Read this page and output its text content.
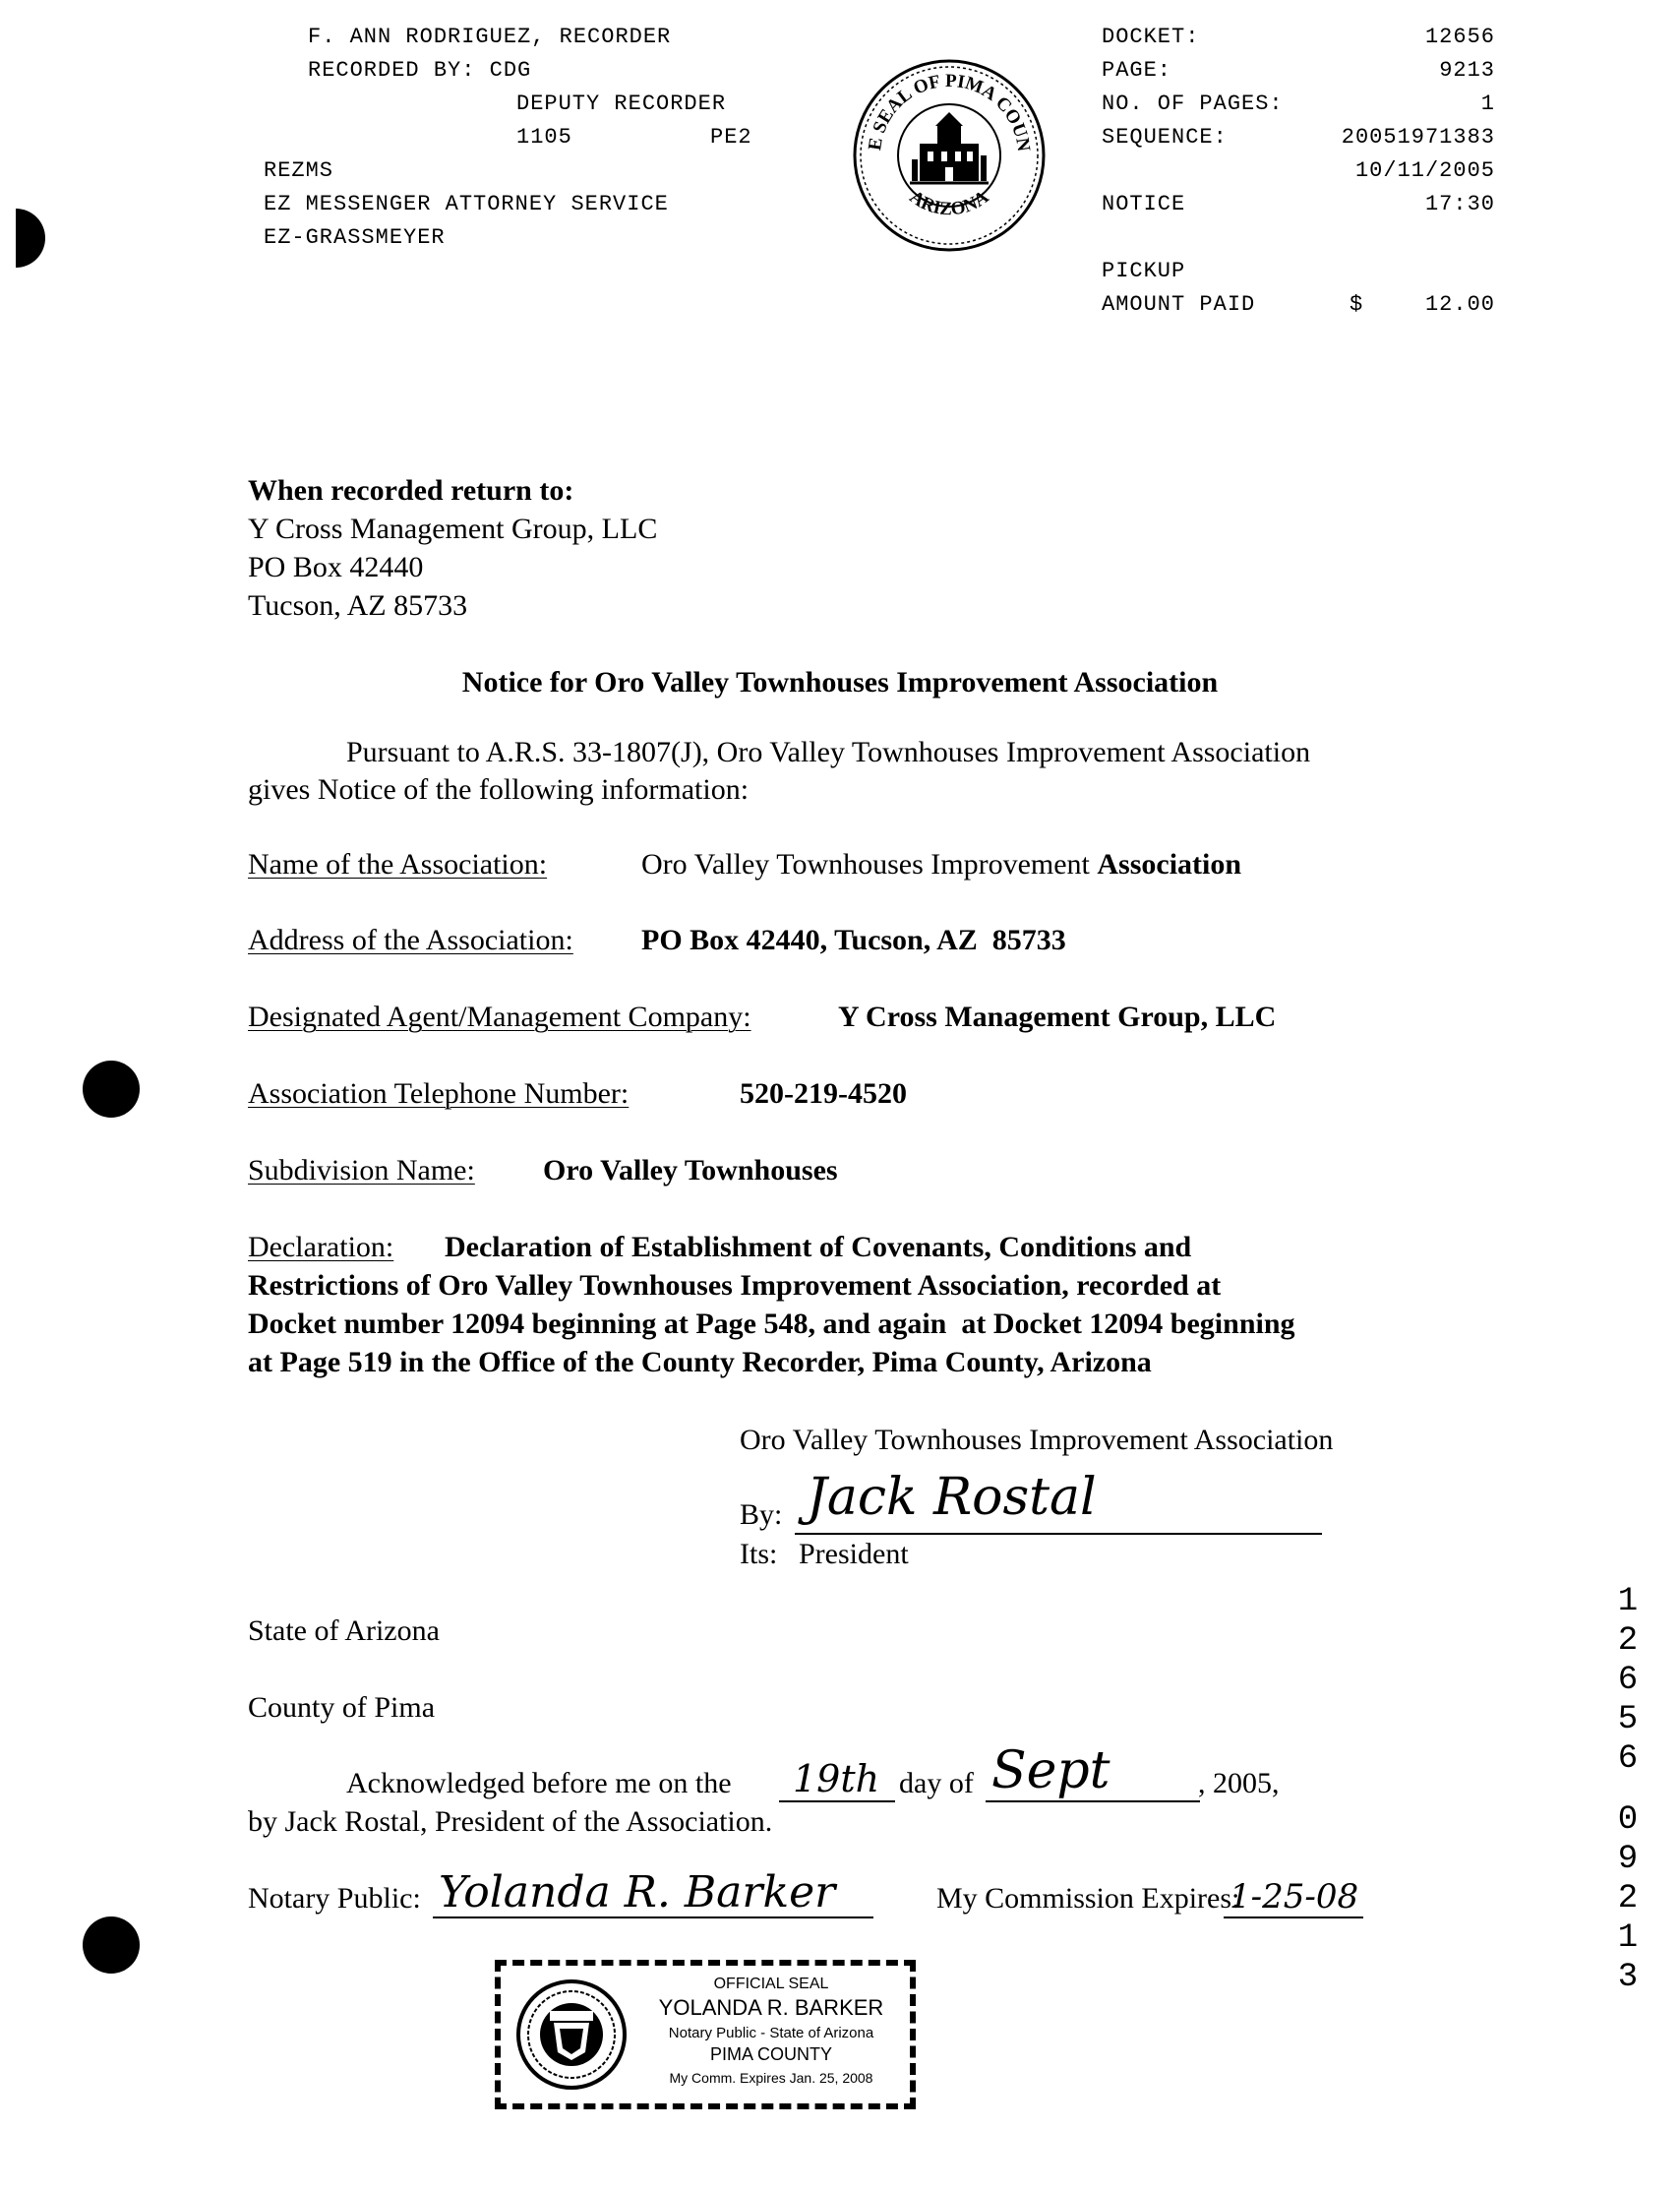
F. ANN RODRIGUEZ, RECORDER
RECORDED BY: CDG
DEPUTY RECORDER
1105	PE2
REZMS
EZ MESSENGER ATTORNEY SERVICE
EZ-GRASSMEYER
E SEAL OF PIMA COUN
ARIZONA
DOCKET:	12656
PAGE:	9213
NO. OF PAGES:	1
SEQUENCE:	20051971383
10/11/2005
NOTICE	17:30
PICKUP
AMOUNT PAID	$	12.00
When recorded return to:
Y Cross Management Group, LLC
PO Box 42440
Tucson, AZ 85733
Notice for Oro Valley Townhouses Improvement Association
Pursuant to A.R.S. 33-1807(J), Oro Valley Townhouses Improvement Association
gives Notice of the following information:
Name of the Association:	Oro Valley Townhouses Improvement Association
Address of the Association: PO Box 42440, Tucson, AZ  85733
Designated Agent/Management Company:	Y Cross Management Group, LLC
Association Telephone Number:	520-219-4520
Subdivision Name: Oro Valley Townhouses
Declaration: Declaration of Establishment of Covenants, Conditions and
Restrictions of Oro Valley Townhouses Improvement Association, recorded at
Docket number 12094 beginning at Page 548, and again  at Docket 12094 beginning
at Page 519 in the Office of the County Recorder, Pima County, Arizona
Oro Valley Townhouses Improvement Association
By: Jack Rostal
Its: President
State of Arizona
County of Pima
Acknowledged before me on the 19th day of Sept	, 2005,
by Jack Rostal, President of the Association.
Notary Public: Yolanda R. Barker	My Commission Expires:
1-25-08
OFFICIAL SEAL
YOLANDA R. BARKER
Notary Public - State of Arizona
PIMA COUNTY
My Comm. Expires Jan. 25, 2008
1
2
6
5
6
0
9
2
1
3
